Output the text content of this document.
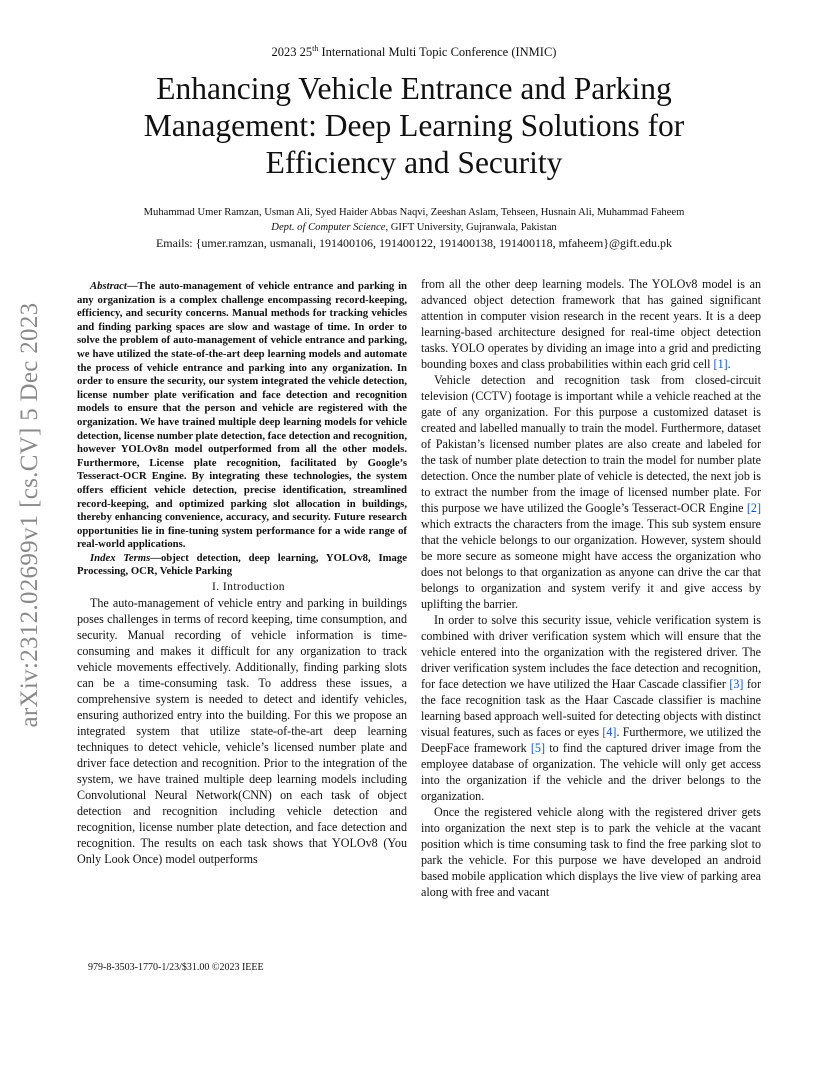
2023 25th International Multi Topic Conference (INMIC)
Enhancing Vehicle Entrance and Parking
Management: Deep Learning Solutions for
Efficiency and Security
Muhammad Umer Ramzan, Usman Ali, Syed Haider Abbas Naqvi, Zeeshan Aslam, Tehseen, Husnain Ali, Muhammad Faheem
Dept. of Computer Science, GIFT University, Gujranwala, Pakistan
Emails: {umer.ramzan, usmanali, 191400106, 191400122, 191400138, 191400118, mfaheem}@gift.edu.pk
arXiv:2312.02699v1 [cs.CV] 5 Dec 2023

Abstract—The auto-management of vehicle entrance and parking in any organization is a complex challenge encompassing record-keeping, efficiency, and security concerns. Manual methods for tracking vehicles and finding parking spaces are slow and wastage of time. In order to solve the problem of auto-management of vehicle entrance and parking, we have utilized the state-of-the-art deep learning models and automate the process of vehicle entrance and parking into any organization. In order to ensure the security, our system integrated the vehicle detection, license number plate verification and face detection and recognition models to ensure that the person and vehicle are registered with the organization. We have trained multiple deep learning models for vehicle detection, license number plate detection, face detection and recognition, however YOLOv8n model outperformed from all the other models. Furthermore, License plate recognition, facilitated by Google’s Tesseract-OCR Engine. By integrating these technologies, the system offers efficient vehicle detection, precise identification, streamlined record-keeping, and optimized parking slot allocation in buildings, thereby enhancing convenience, accuracy, and security. Future research opportunities lie in fine-tuning system performance for a wide range of real-world applications.

Index Terms—object detection, deep learning, YOLOv8, Image Processing, OCR, Vehicle Parking

I. Introduction

The auto-management of vehicle entry and parking in buildings poses challenges in terms of record keeping, time consumption, and security. Manual recording of vehicle information is time-consuming and makes it difficult for any organization to track vehicle movements effectively. Additionally, finding parking slots can be a time-consuming task. To address these issues, a comprehensive system is needed to detect and identify vehicles, ensuring authorized entry into the building. For this we propose an integrated system that utilize state-of-the-art deep learning techniques to detect vehicle, vehicle’s licensed number plate and driver face detection and recognition. Prior to the integration of the system, we have trained multiple deep learning models including Convolutional Neural Network(CNN) on each task of object detection and recognition including vehicle detection and recognition, license number plate detection, and face detection and recognition. The results on each task shows that YOLOv8 (You Only Look Once) model outperforms

from all the other deep learning models. The YOLOv8 model is an advanced object detection framework that has gained significant attention in computer vision research in the recent years. It is a deep learning-based architecture designed for real-time object detection tasks. YOLO operates by dividing an image into a grid and predicting bounding boxes and class probabilities within each grid cell [1].

Vehicle detection and recognition task from closed-circuit television (CCTV) footage is important while a vehicle reached at the gate of any organization. For this purpose a customized dataset is created and labelled manually to train the model. Furthermore, dataset of Pakistan’s licensed number plates are also create and labeled for the task of number plate detection to train the model for number plate detection. Once the number plate of vehicle is detected, the next job is to extract the number from the image of licensed number plate. For this purpose we have utilized the Google’s Tesseract-OCR Engine [2] which extracts the characters from the image. This sub system ensure that the vehicle belongs to our organization. However, system should be more secure as someone might have access the organization who does not belongs to that organization as anyone can drive the car that belongs to organization and system verify it and give access by uplifting the barrier.

In order to solve this security issue, vehicle verification system is combined with driver verification system which will ensure that the vehicle entered into the organization with the registered driver. The driver verification system includes the face detection and recognition, for face detection we have utilized the Haar Cascade classifier [3] for the face recognition task as the Haar Cascade classifier is machine learning based approach well-suited for detecting objects with distinct visual features, such as faces or eyes [4]. Furthermore, we utilized the DeepFace framework [5] to find the captured driver image from the employee database of organization. The vehicle will only get access into the organization if the vehicle and the driver belongs to the organization.

Once the registered vehicle along with the registered driver gets into organization the next step is to park the vehicle at the vacant position which is time consuming task to find the free parking slot to park the vehicle. For this purpose we have developed an android based mobile application which displays the live view of parking area along with free and vacant

979-8-3503-1770-1/23/$31.00 ©2023 IEEE
